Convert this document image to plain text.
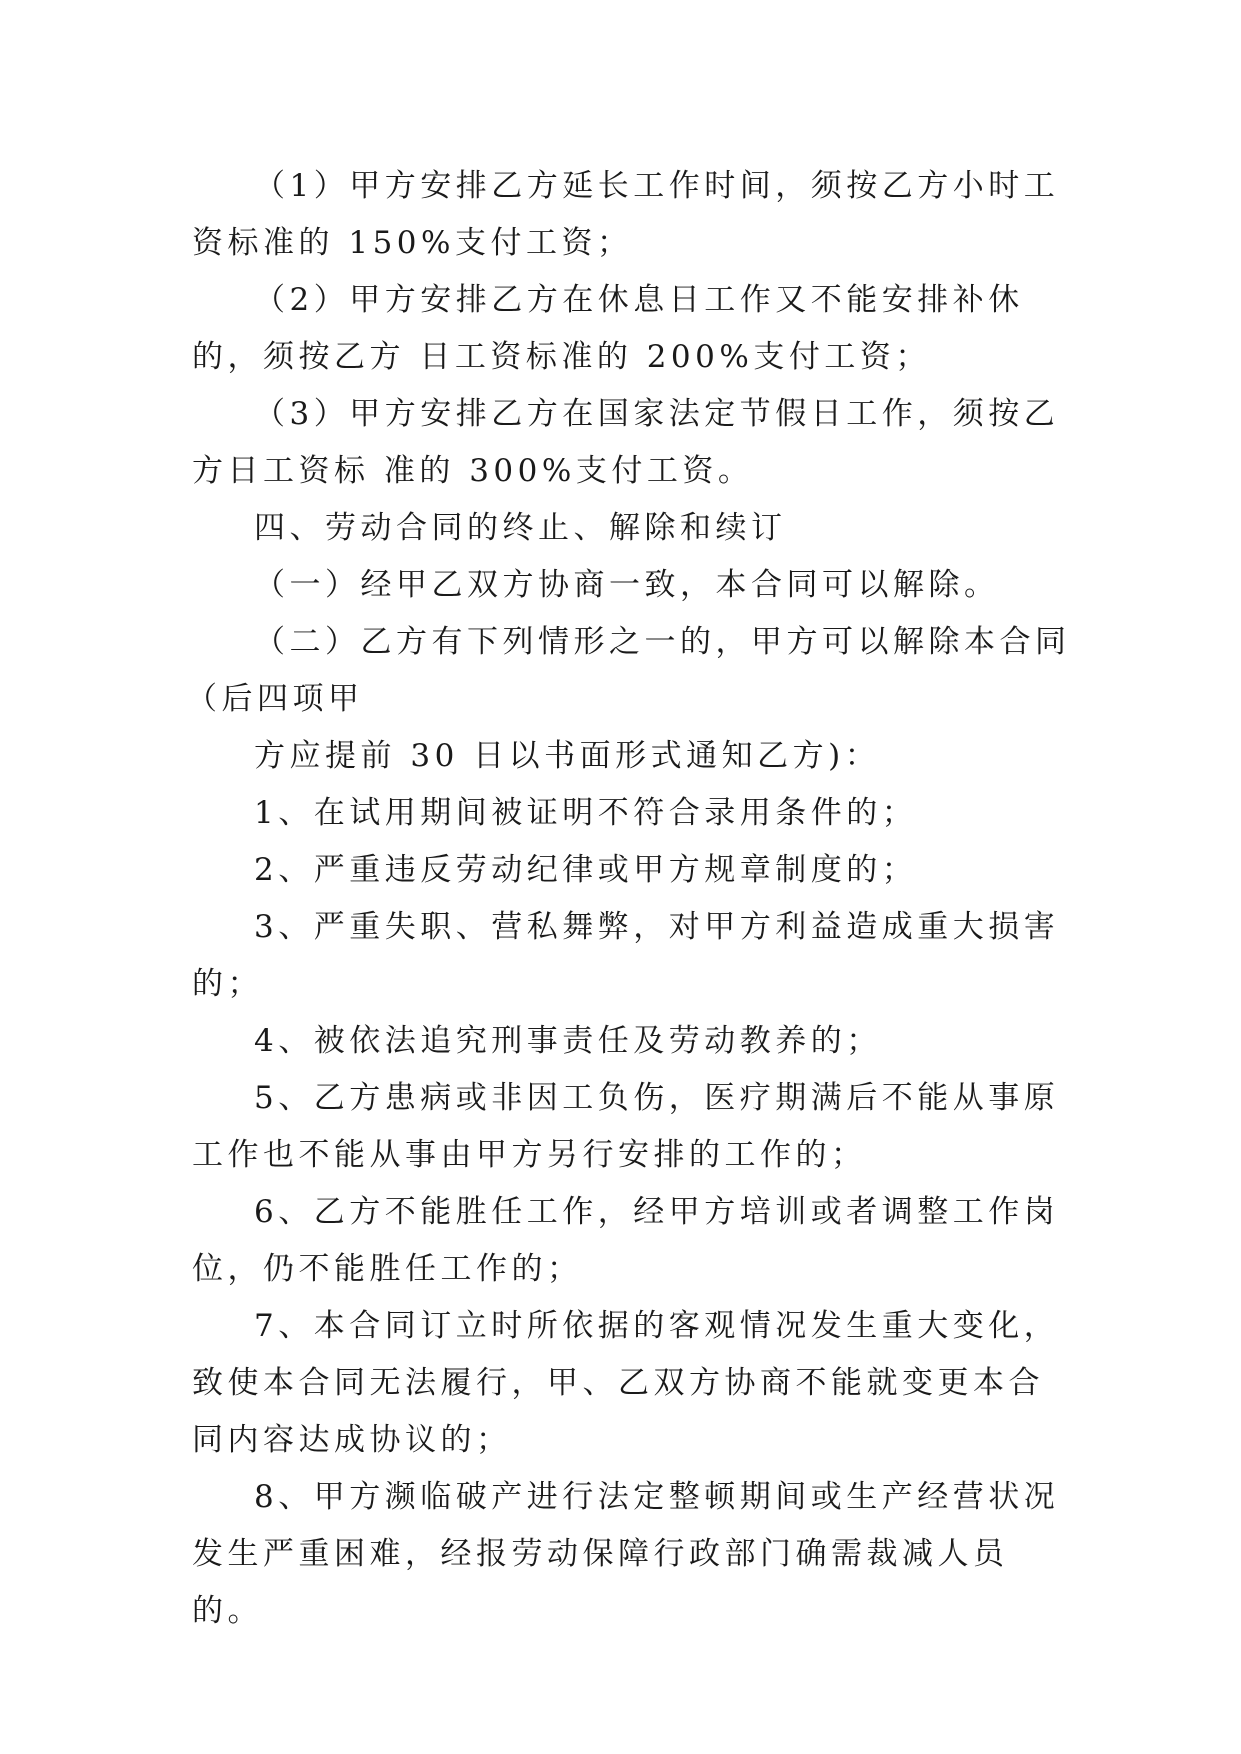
（1）甲方安排乙方延长工作时间，须按乙方小时工资标准的 150%支付工资；

（2）甲方安排乙方在休息日工作又不能安排补休的，须按乙方 日工资标准的 200%支付工资；

（3）甲方安排乙方在国家法定节假日工作，须按乙方日工资标 准的 300%支付工资。

四、劳动合同的终止、解除和续订

（一）经甲乙双方协商一致，本合同可以解除。

（二）乙方有下列情形之一的，甲方可以解除本合同

（后四项甲

方应提前 30 日以书面形式通知乙方)：

1、在试用期间被证明不符合录用条件的；

2、严重违反劳动纪律或甲方规章制度的；

3、严重失职、营私舞弊，对甲方利益造成重大损害的；

4、被依法追究刑事责任及劳动教养的；

5、乙方患病或非因工负伤，医疗期满后不能从事原工作也不能从事由甲方另行安排的工作的；

6、乙方不能胜任工作，经甲方培训或者调整工作岗位，仍不能胜任工作的；

7、本合同订立时所依据的客观情况发生重大变化，致使本合同无法履行，甲、乙双方协商不能就变更本合同内容达成协议的；

8、甲方濒临破产进行法定整顿期间或生产经营状况发生严重困难，经报劳动保障行政部门确需裁减人员的。
